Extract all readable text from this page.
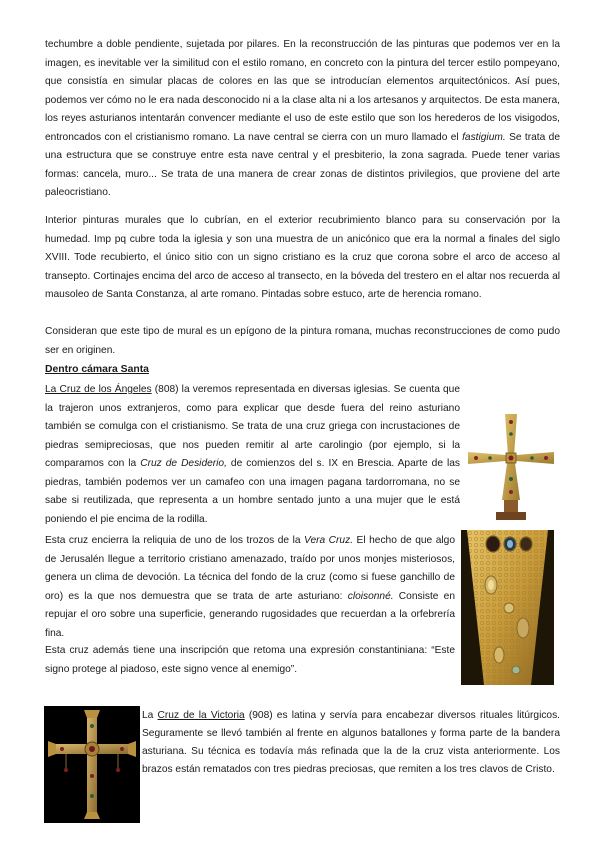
techumbre a doble pendiente, sujetada por pilares. En la reconstrucción de las pinturas que podemos ver en la imagen, es inevitable ver la similitud con el estilo romano, en concreto con la pintura del tercer estilo pompeyano, que consistía en simular placas de colores en las que se introducían elementos arquitectónicos. Así pues, podemos ver cómo no le era nada desconocido ni a la clase alta ni a los artesanos y arquitectos. De esta manera, los reyes asturianos intentarán convencer mediante el uso de este estilo que son los herederos de los visigodos, entroncados con el cristianismo romano. La nave central se cierra con un muro llamado el fastigium. Se trata de una estructura que se construye entre esta nave central y el presbiterio, la zona sagrada. Puede tener varias formas: cancela, muro... Se trata de una manera de crear zonas de distintos privilegios, que proviene del arte paleocristiano.
Interior pinturas murales que lo cubrían, en el exterior recubrimiento blanco para su conservación por la humedad. Imp pq cubre toda la iglesia y son una muestra de un anicónico que era la normal a finales del siglo XVIII. Tode recubierto, el único sitio con un signo cristiano es la cruz que corona sobre el arco de acceso al transepto. Cortinajes encima del arco de acceso al transecto, en la bóveda del trestero en el altar nos recuerda al mausoleo de Santa Constanza, al arte romano. Pintadas sobre estuco, arte de herencia romano.
Consideran que este tipo de mural es un epígono de la pintura romana, muchas reconstrucciones de como pudo ser en originen.
Dentro cámara Santa
La Cruz de los Ángeles (808) la veremos representada en diversas iglesias. Se cuenta que la trajeron unos extranjeros, como para explicar que desde fuera del reino asturiano también se comulga con el cristianismo. Se trata de una cruz griega con incrustaciones de piedras semipreciosas, que nos pueden remitir al arte carolingio (por ejemplo, si la comparamos con la Cruz de Desiderio, de comienzos del s. IX en Brescia. Aparte de las piedras, también podemos ver un camafeo con una imagen pagana tardorromana, no se sabe si reutilizada, que representa a un hombre sentado junto a una mujer que le está poniendo el pie encima de la rodilla.
Esta cruz encierra la reliquia de uno de los trozos de la Vera Cruz. El hecho de que algo de Jerusalén llegue a territorio cristiano amenazado, traído por unos monjes misteriosos, genera un clima de devoción. La técnica del fondo de la cruz (como si fuese ganchillo de oro) es la que nos demuestra que se trata de arte asturiano: cloisonné. Consiste en repujar el oro sobre una superficie, generando rugosidades que recuerdan a la orfebrería fina.
Esta cruz además tiene una inscripción que retoma una expresión constantiniana: “Este signo protege al piadoso, este signo vence al enemigo”.
La Cruz de la Victoria (908) es latina y servía para encabezar diversos rituales litúrgicos. Seguramente se llevó también al frente en algunos batallones y forma parte de la bandera asturiana. Su técnica es todavía más refinada que la de la cruz vista anteriormente. Los brazos están rematados con tres piedras preciosas, que remiten a los tres clavos de Cristo.
